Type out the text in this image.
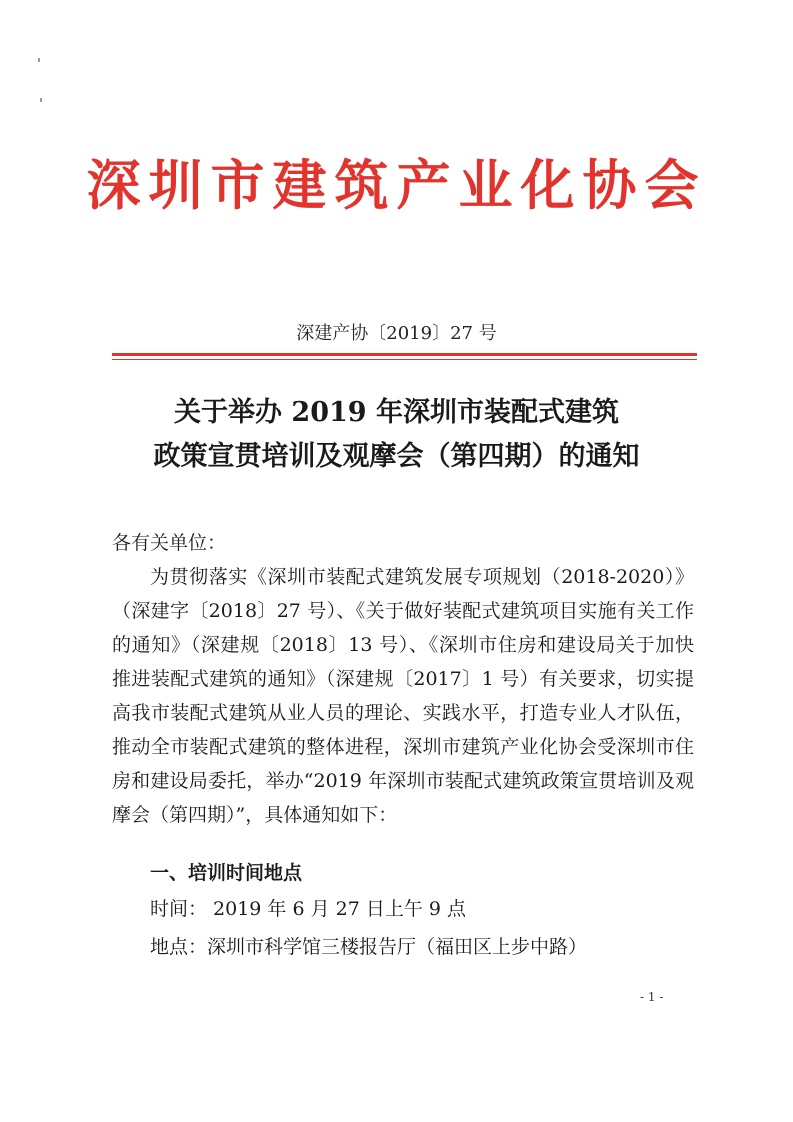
深圳市建筑产业化协会
深建产协〔2019〕27 号
关于举办 2019 年深圳市装配式建筑
政策宣贯培训及观摩会（第四期）的通知
各有关单位：
为贯彻落实《深圳市装配式建筑发展专项规划（2018-2020）》（深建字〔2018〕27 号）、《关于做好装配式建筑项目实施有关工作的通知》（深建规〔2018〕13 号）、《深圳市住房和建设局关于加快推进装配式建筑的通知》（深建规〔2017〕1 号）有关要求，切实提高我市装配式建筑从业人员的理论、实践水平，打造专业人才队伍，推动全市装配式建筑的整体进程，深圳市建筑产业化协会受深圳市住房和建设局委托，举办“2019 年深圳市装配式建筑政策宣贯培训及观摩会（第四期）”，具体通知如下：
一、培训时间地点
时间： 2019 年 6 月 27 日上午 9 点
地点：深圳市科学馆三楼报告厅（福田区上步中路）
- 1 -
